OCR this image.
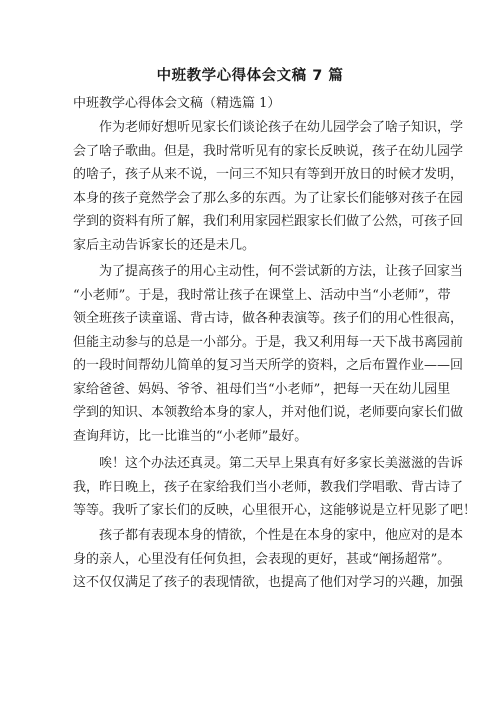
中班教学心得体会文稿 7 篇
中班教学心得体会文稿（精选篇 1）
作为老师好想听见家长们谈论孩子在幼儿园学会了啥子知识，学
会了啥子歌曲。但是，我时常听见有的家长反映说，孩子在幼儿园学
的啥子，孩子从来不说，一问三不知只有等到开放日的时候才发明，
本身的孩子竟然学会了那么多的东西。为了让家长们能够对孩子在园
学到的资料有所了解，我们利用家园栏跟家长们做了公然，可孩子回
家后主动告诉家长的还是未几。
为了提高孩子的用心主动性，何不尝试新的方法，让孩子回家当
“小老师”。于是，我时常让孩子在课堂上、活动中当“小老师”，带
领全班孩子读童谣、背古诗，做各种表演等。孩子们的用心性很高，
但能主动参与的总是一小部分。于是，我又利用每一天下战书离园前
的一段时间帮幼儿简单的复习当天所学的资料，之后布置作业——回
家给爸爸、妈妈、爷爷、祖母们当“小老师”，把每一天在幼儿园里
学到的知识、本领教给本身的家人，并对他们说，老师要向家长们做
查询拜访，比一比谁当的“小老师”最好。
唉！这个办法还真灵。第二天早上果真有好多家长美滋滋的告诉
我，昨日晚上，孩子在家给我们当小老师，教我们学唱歌、背古诗了
等等。我听了家长们的反映，心里很开心，这能够说是立杆见影了吧！
孩子都有表现本身的情欲，个性是在本身的家中，他应对的是本
身的亲人，心里没有任何负担，会表现的更好，甚或“阐扬超常”。
这不仅仅满足了孩子的表现情欲，也提高了他们对学习的兴趣，加强
